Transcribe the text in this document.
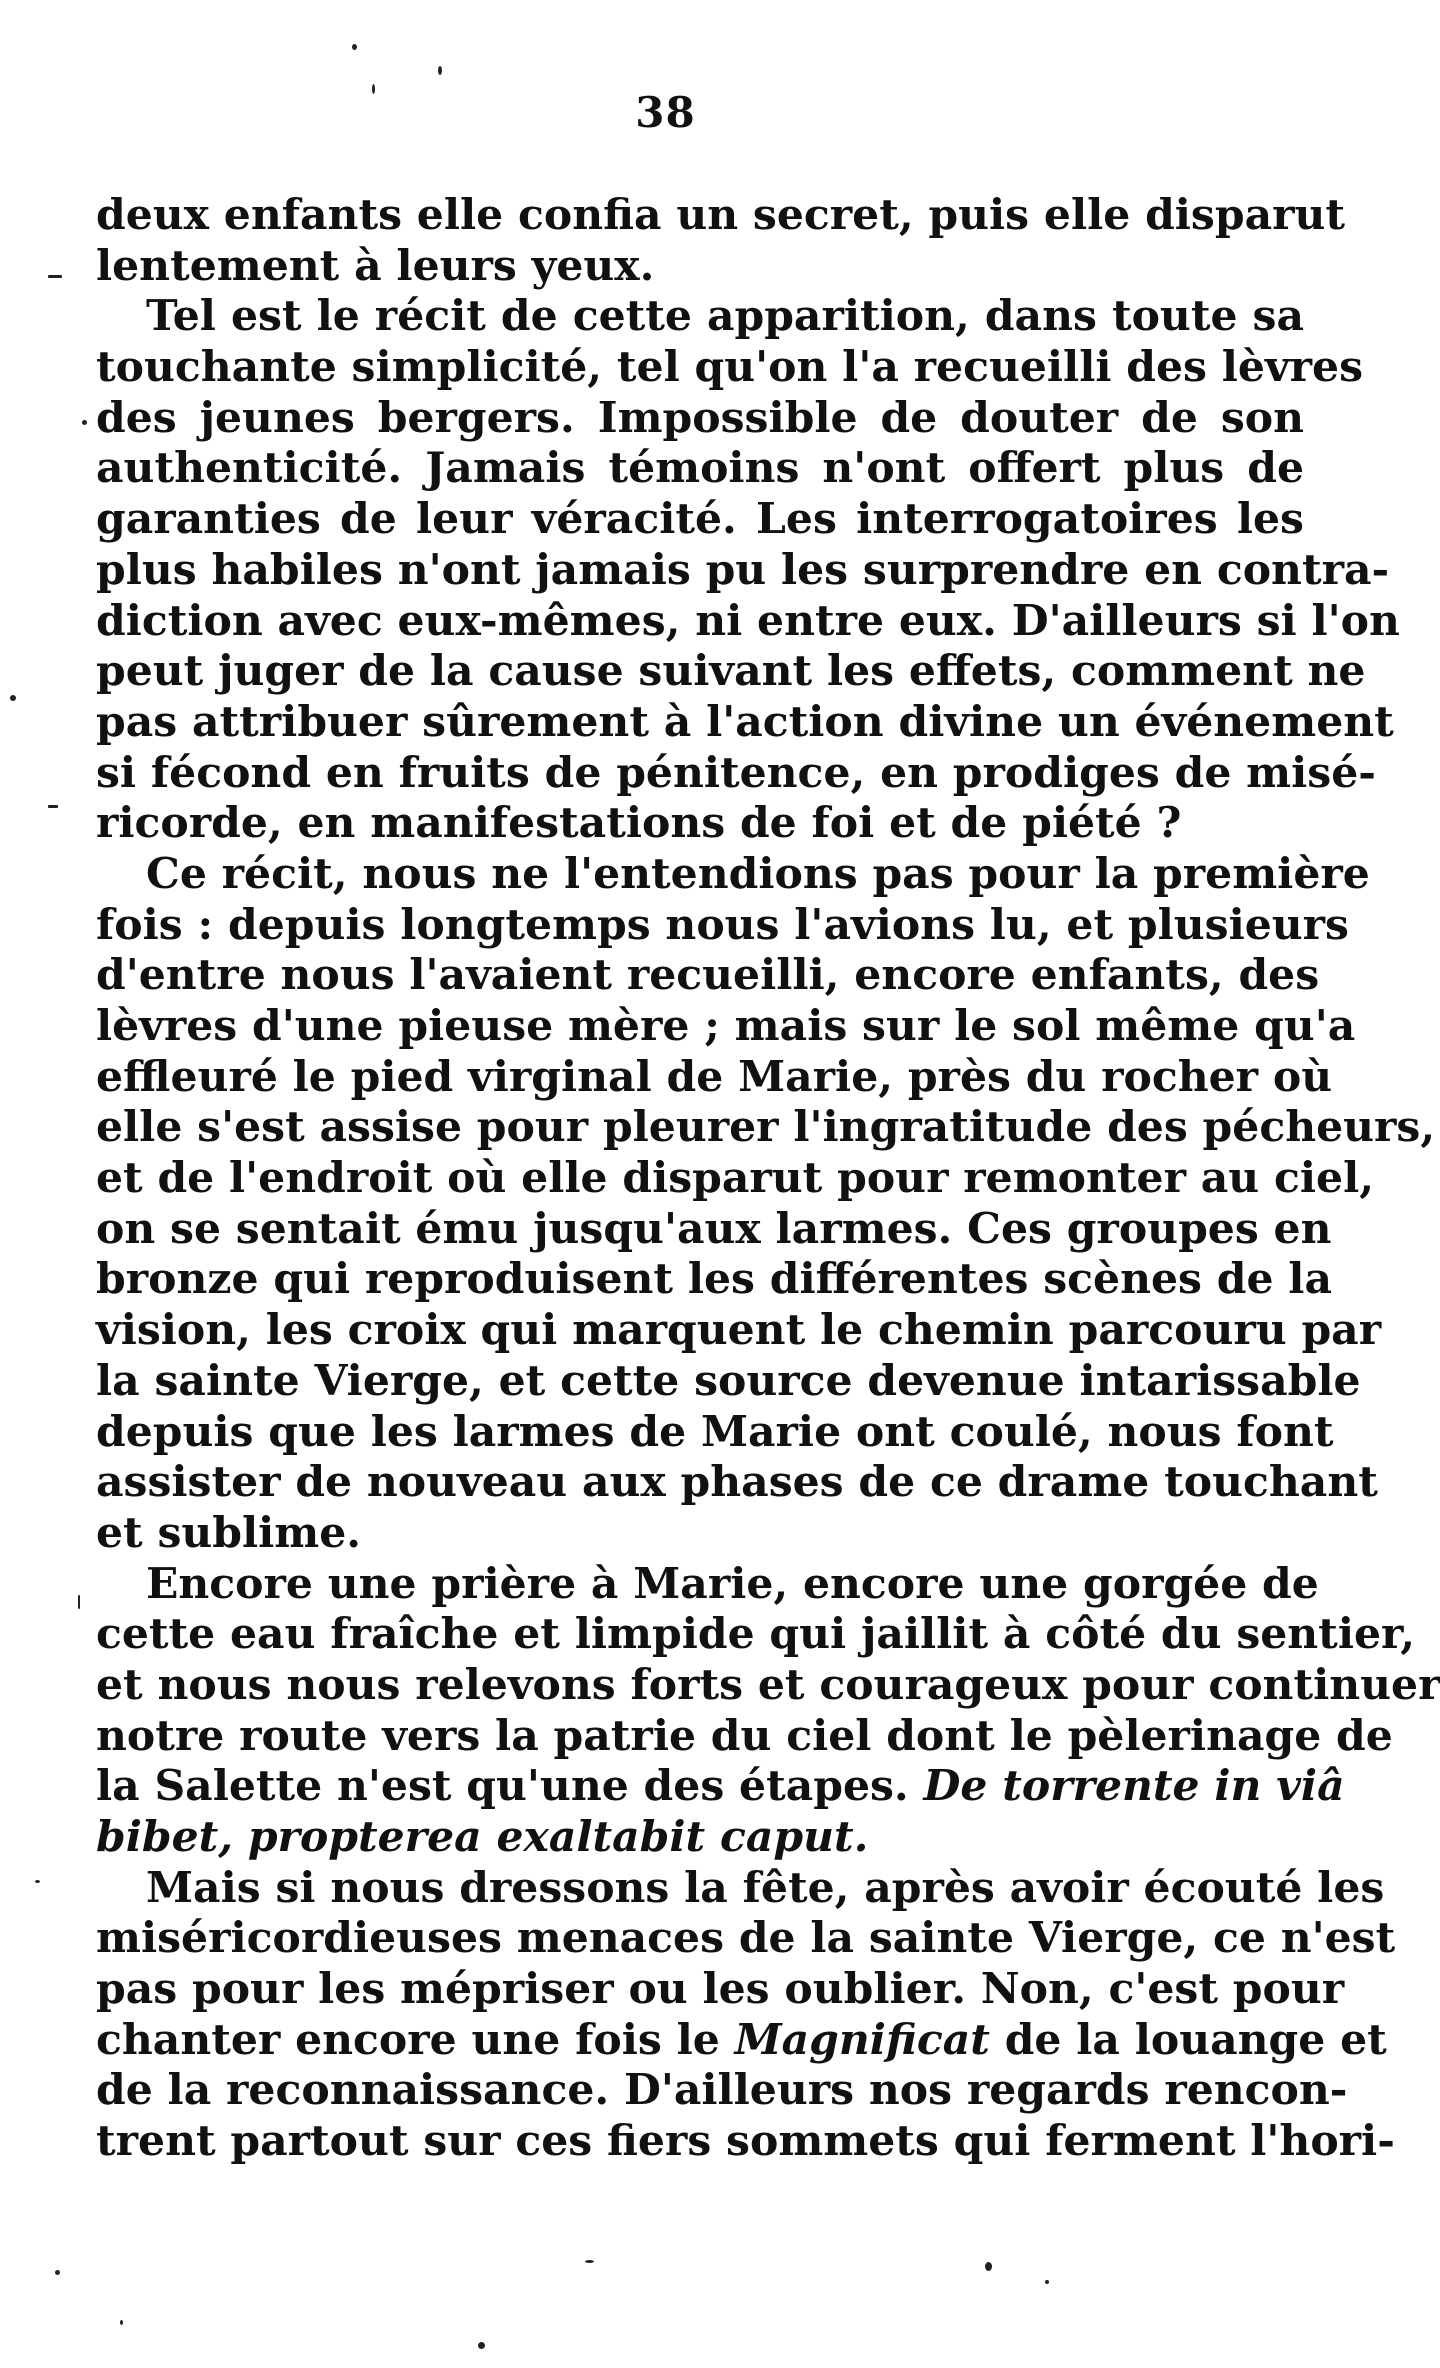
38
deux enfants elle confia un secret, puis elle disparut
lentement à leurs yeux.
Tel est le récit de cette apparition, dans toute sa
touchante simplicité, tel qu'on l'a recueilli des lèvres
des jeunes bergers. Impossible de douter de son
authenticité. Jamais témoins n'ont offert plus de
garanties de leur véracité. Les interrogatoires les
plus habiles n'ont jamais pu les surprendre en contra-
diction avec eux-mêmes, ni entre eux. D'ailleurs si l'on
peut juger de la cause suivant les effets, comment ne
pas attribuer sûrement à l'action divine un événement
si fécond en fruits de pénitence, en prodiges de misé-
ricorde, en manifestations de foi et de piété ?
Ce récit, nous ne l'entendions pas pour la première
fois : depuis longtemps nous l'avions lu, et plusieurs
d'entre nous l'avaient recueilli, encore enfants, des
lèvres d'une pieuse mère ; mais sur le sol même qu'a
effleuré le pied virginal de Marie, près du rocher où
elle s'est assise pour pleurer l'ingratitude des pécheurs,
et de l'endroit où elle disparut pour remonter au ciel,
on se sentait ému jusqu'aux larmes. Ces groupes en
bronze qui reproduisent les différentes scènes de la
vision, les croix qui marquent le chemin parcouru par
la sainte Vierge, et cette source devenue intarissable
depuis que les larmes de Marie ont coulé, nous font
assister de nouveau aux phases de ce drame touchant
et sublime.
Encore une prière à Marie, encore une gorgée de
cette eau fraîche et limpide qui jaillit à côté du sentier,
et nous nous relevons forts et courageux pour continuer
notre route vers la patrie du ciel dont le pèlerinage de
la Salette n'est qu'une des étapes. De torrente in viâ
bibet, propterea exaltabit caput.
Mais si nous dressons la fête, après avoir écouté les
miséricordieuses menaces de la sainte Vierge, ce n'est
pas pour les mépriser ou les oublier. Non, c'est pour
chanter encore une fois le Magnificat de la louange et
de la reconnaissance. D'ailleurs nos regards rencon-
trent partout sur ces fiers sommets qui ferment l'hori-
